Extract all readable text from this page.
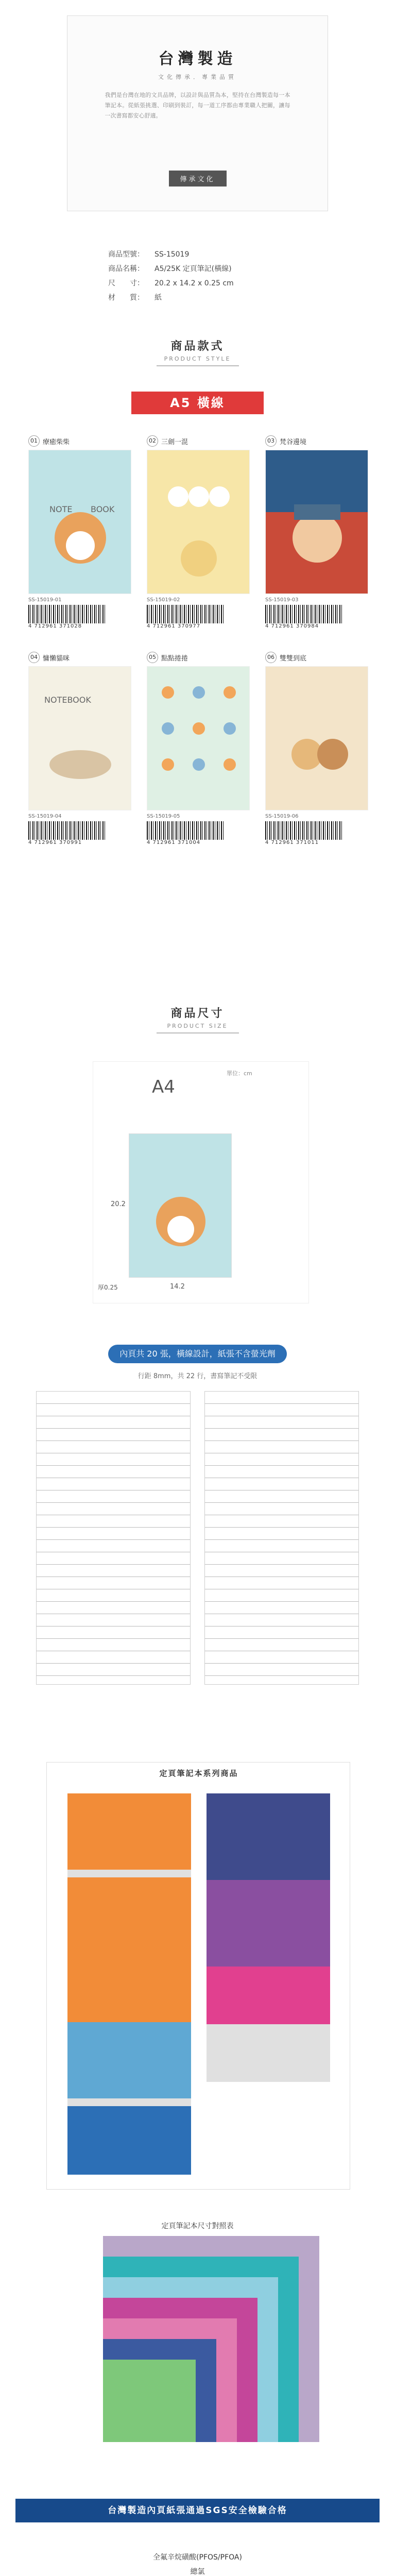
台灣製造
文化傳承．專業品質
我們是台灣在地的文具品牌，以設計與品質為本，堅持在台灣製造每一本筆記本。從紙張挑選、印刷到裝訂，每一道工序都由專業職人把關，讓每一次書寫都安心舒適。
傳承文化
商品型號：	SS-15019
商品名稱：	A5/25K 定頁筆記(橫線)
尺　　寸：	20.2 x 14.2 x 0.25 cm
材　　質：	紙
商品款式
PRODUCT STYLE
A5 橫線
01 療癒柴柴
NOTE BOOK
SS-15019-01
4 712961 371028
02 三劍一混
SS-15019-02
4 712961 370977
03 梵谷邊境
SS-15019-03
4 712961 370984
04 慵懶貓咪
NOTEBOOK
SS-15019-04
4 712961 370991
05 點點捲捲
SS-15019-05
4 712961 371004
06 雙雙到底
SS-15019-06
4 712961 371011
商品尺寸
PRODUCT SIZE
A4
單位：cm
20.2
14.2
厚0.25
內頁共 20 張，橫線設計，紙張不含螢光劑
行距 8mm，共 22 行，書寫筆記不受限
定頁筆記本系列商品
定頁筆記本尺寸對照表
台灣製造內頁紙張通過SGS安全檢驗合格
全氟辛烷磺酸(PFOS/PFOA)
總氯
